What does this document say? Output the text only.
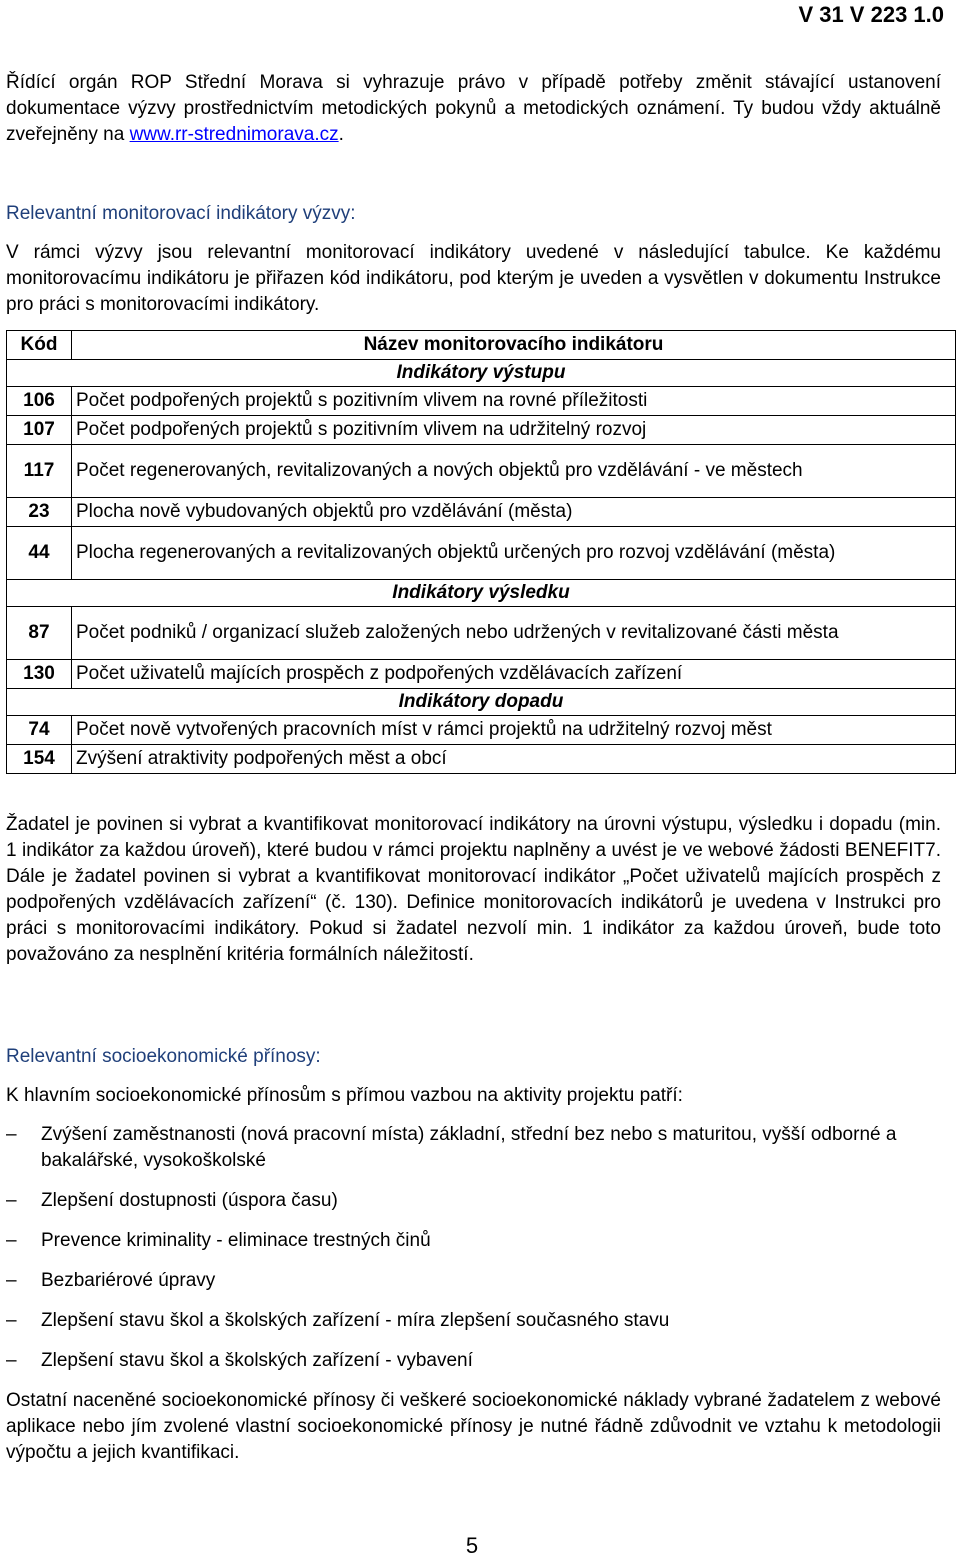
V 31 V 223 1.0
Řídící orgán ROP Střední Morava si vyhrazuje právo v případě potřeby změnit stávající ustanovení dokumentace výzvy prostřednictvím metodických pokynů a metodických oznámení. Ty budou vždy aktuálně zveřejněny na www.rr-strednimorava.cz.
Relevantní monitorovací indikátory výzvy:
V rámci výzvy jsou relevantní monitorovací indikátory uvedené v následující tabulce. Ke každému monitorovacímu indikátoru je přiřazen kód indikátoru, pod kterým je uveden a vysvětlen v dokumentu Instrukce pro práci s monitorovacími indikátory.
Kód	Název monitorovacího indikátoru
Indikátory výstupu	
106	Počet podpořených projektů s pozitivním vlivem na rovné příležitosti
107	Počet podpořených projektů s pozitivním vlivem na udržitelný rozvoj
117	Počet regenerovaných, revitalizovaných a nových objektů pro vzdělávání - ve městech
23	Plocha nově vybudovaných objektů pro vzdělávání (města)
44	Plocha regenerovaných a revitalizovaných objektů určených pro rozvoj vzdělávání (města)
Indikátory výsledku	
87	Počet podniků / organizací služeb založených nebo udržených v revitalizované části města
130	Počet uživatelů majících prospěch z podpořených vzdělávacích zařízení
Indikátory dopadu	
74	Počet nově vytvořených pracovních míst v rámci projektů na udržitelný rozvoj měst
154	Zvýšení atraktivity podpořených měst a obcí
Žadatel je povinen si vybrat a kvantifikovat monitorovací indikátory na úrovni výstupu, výsledku i dopadu (min. 1 indikátor za každou úroveň), které budou v rámci projektu naplněny a uvést je ve webové žádosti BENEFIT7. Dále je žadatel povinen si vybrat a kvantifikovat monitorovací indikátor „Počet uživatelů majících prospěch z podpořených vzdělávacích zařízení“ (č. 130). Definice monitorovacích indikátorů je uvedena v Instrukci pro práci s monitorovacími indikátory. Pokud si žadatel nezvolí min. 1 indikátor za každou úroveň, bude toto považováno za nesplnění kritéria formálních náležitostí.
Relevantní socioekonomické přínosy:
K hlavním socioekonomické přínosům s přímou vazbou na aktivity projektu patří:
– Zvýšení zaměstnanosti (nová pracovní místa) základní, střední bez nebo s maturitou, vyšší odborné a bakalářské, vysokoškolské
– Zlepšení dostupnosti (úspora času)
– Prevence kriminality - eliminace trestných činů
– Bezbariérové úpravy
– Zlepšení stavu škol a školských zařízení - míra zlepšení současného stavu
– Zlepšení stavu škol a školských zařízení - vybavení
Ostatní naceněné socioekonomické přínosy či veškeré socioekonomické náklady vybrané žadatelem z webové aplikace nebo jím zvolené vlastní socioekonomické přínosy je nutné řádně zdůvodnit ve vztahu k metodologii výpočtu a jejich kvantifikaci.
5
